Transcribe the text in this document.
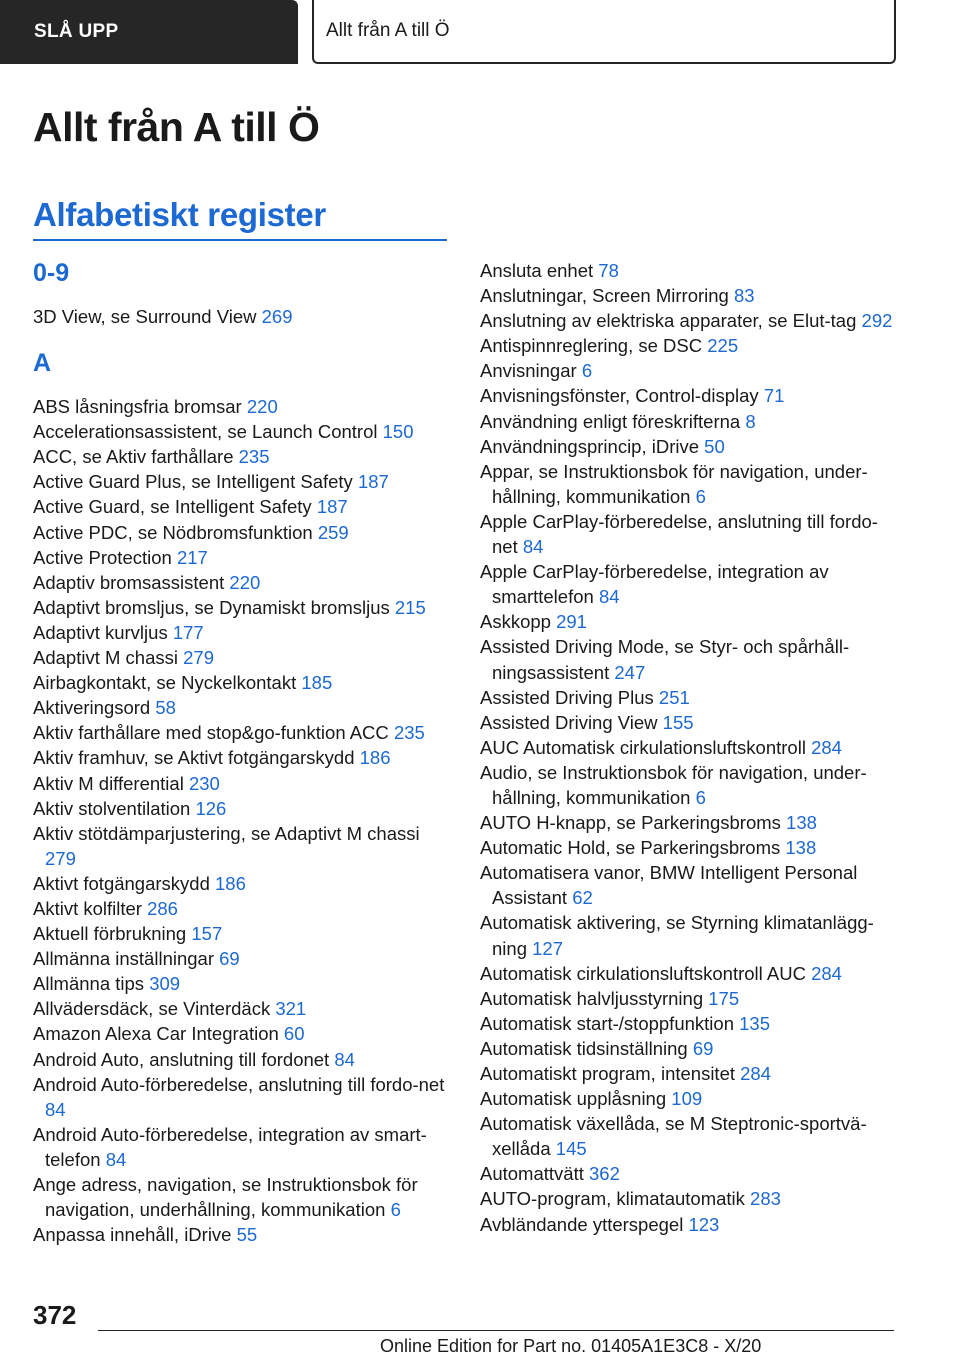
SLÅ UPP	Allt från A till Ö
Allt från A till Ö
Alfabetiskt register
0-9
3D View, se Surround View 269
A
ABS låsningsfria bromsar 220
Accelerationsassistent, se Launch Control 150
ACC, se Aktiv farthållare 235
Active Guard Plus, se Intelligent Safety 187
Active Guard, se Intelligent Safety 187
Active PDC, se Nödbromsfunktion 259
Active Protection 217
Adaptiv bromsassistent 220
Adaptivt bromsljus, se Dynamiskt bromsljus 215
Adaptivt kurvljus 177
Adaptivt M chassi 279
Airbagkontakt, se Nyckelkontakt 185
Aktiveringsord 58
Aktiv farthållare med stop&go-funktion ACC 235
Aktiv framhuv, se Aktivt fotgängarskydd 186
Aktiv M differential 230
Aktiv stolventilation 126
Aktiv stötdämparjustering, se Adaptivt M chassi 279
Aktivt fotgängarskydd 186
Aktivt kolfilter 286
Aktuell förbrukning 157
Allmänna inställningar 69
Allmänna tips 309
Allvädersdäck, se Vinterdäck 321
Amazon Alexa Car Integration 60
Android Auto, anslutning till fordonet 84
Android Auto-förberedelse, anslutning till fordo‐net 84
Android Auto-förberedelse, integration av smart‐telefon 84
Ange adress, navigation, se Instruktionsbok för navigation, underhållning, kommunikation 6
Anpassa innehåll, iDrive 55
Ansluta enhet 78
Anslutningar, Screen Mirroring 83
Anslutning av elektriska apparater, se Elut‐tag 292
Antispinnreglering, se DSC 225
Anvisningar 6
Anvisningsfönster, Control-display 71
Användning enligt föreskrifterna 8
Användningsprincip, iDrive 50
Appar, se Instruktionsbok för navigation, under‐hållning, kommunikation 6
Apple CarPlay-förberedelse, anslutning till fordo‐net 84
Apple CarPlay-förberedelse, integration av smarttelefon 84
Askkopp 291
Assisted Driving Mode, se Styr- och spårhåll‐ningsassistent 247
Assisted Driving Plus 251
Assisted Driving View 155
AUC Automatisk cirkulationsluftskontroll 284
Audio, se Instruktionsbok för navigation, under‐hållning, kommunikation 6
AUTO H-knapp, se Parkeringsbroms 138
Automatic Hold, se Parkeringsbroms 138
Automatisera vanor, BMW Intelligent Personal Assistant 62
Automatisk aktivering, se Styrning klimatanlägg‐ning 127
Automatisk cirkulationsluftskontroll AUC 284
Automatisk halvljusstyrning 175
Automatisk start-/stoppfunktion 135
Automatisk tidsinställning 69
Automatiskt program, intensitet 284
Automatisk upplåsning 109
Automatisk växellåda, se M Steptronic-sportvä‐xellåda 145
Automattvätt 362
AUTO-program, klimatautomatik 283
Avbländande ytterspegel 123
372
Online Edition for Part no. 01405A1E3C8 - X/20
